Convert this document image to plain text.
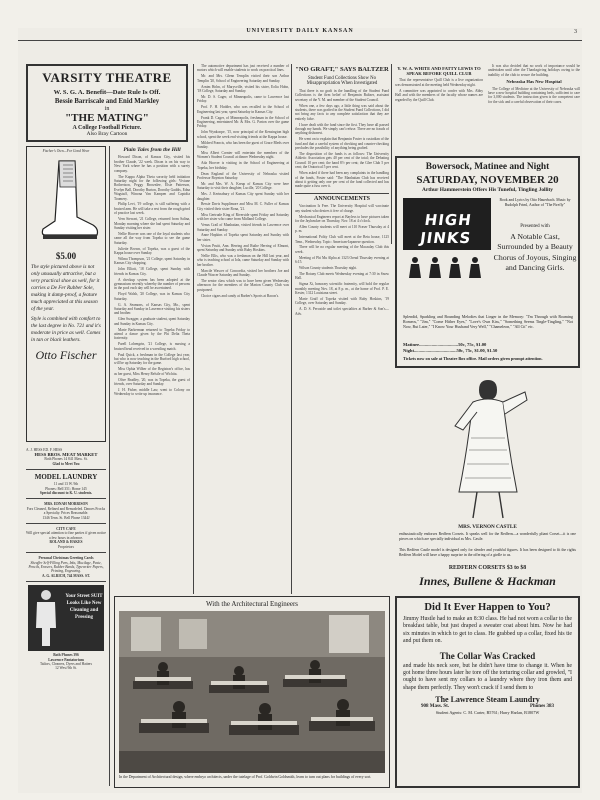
UNIVERSITY DAILY KANSAN	3
VARSITY THEATRE
W. S. G. A. Benefit—Date Rule Is Off.
Bessie Barriscale and Enid Markley
in
"THE MATING"
A College Football Picture.
Also Bray Cartoon
Fischer's Own—For Good Wear
$5.00
The style pictured above is not only unusually attractive, but a very practical shoe as well, for it carries a De Fer Rubber Sole, making it damp-proof, a feature much appreciated at this season of the year.
Style is combined with comfort to the last degree in No. 721 and it's moderate in price as well. Comes in tan or black leathers.
Otto Fischer
A. J. HESS ED. F. HESS
HESS BROS. MEAT MARKET
Both Phones 14 841 Mass. St.
Glad to Meet You
MODEL LAUNDRY
11 and 13 W. 9th
Phones: Bell 351; Home 145
Special discount to K. U. students.
MRS. EDNAH MORRISON
Fors Cleaned, Relined and Remodeled. Dances Frocks a Specialty. Prices Reasonable.
1346 Tenn. St. Bell Phone 1344J
CITY CAFE
Will give special attention to fine parties if given notice a few hours in advance.
ROLAND & HAKES
Proprietors
Personal Christmas Greeting Cards
Sheaffer Self-Filling Pens, Inks, Mucilage, Paste, Pencils, Erasers, Rubber Bands, Typewriter Papers, Printing, Engraving.
A. G. ALRICH, 744 MASS. ST.
Your Street SUIT Looks Like New Cleaning and Pressing
Both Phones 396
Lawrence Pantatorium
Tailors, Cleaners, Dyers and Hatters
12 West 9th St.
Plain Tales from the Hill

Howard Dixon, of Kansas City, visited his brother Claude, '22 week. Dixon is on his way to New York where he has a position with a surety company.

The Kappa Alpha Theta sorority held initiation Saturday night for the following girls: Viviane Rothertson, Peggy Brownlee, Elsie Patterson, Evelyn Ball, Dorothy Burton, Dorothy Gaddis, Edna Wagstaff, Winona Van Kampen and Captolia Toomery.

Philip Levi, '19 college, is still suffering with a bruised arm. He will take a rest from the rough grind of practice last week.

Vern Stewart, '21 College, returned from Salina, Monday morning where she had spent Saturday and Sunday visiting her sister.

Nellie Hoover was one of the loyal students who came all the way from Topeka to see the game Saturday.

Julietie Brown, of Topeka, was a guest of the Kappa house over Sunday.

Wilma Thompson, '21 College, spent Saturday in Kansas City shopping.

John Elliott, '18 College, spent Sunday with friends in Kansas City.

A checkup system has been adopted at the gymnasium recently whereby the number of persons in the pool each day will be ascertained.

Floyd Walsh, '20 College, was in Kansas City Saturday.

G. A. Seamons, of Kansas City, Mo., spent Saturday and Sunday in Lawrence visiting his sisters and brother.

Glen Swagger, a graduate student, spent Saturday and Sunday in Kansas City.

Marie Barkerman returned to Topeka Friday to attend a dance given by the Phi Delta Theta fraternity.

Parell Lohengrin, '21 College, is nursing a bruised head received in a wrestling match.

Paul Quick, a freshman in the College last year, but who is now teaching in the Burford high school, will be up Saturday for the game.

Miss Ophia Wilber of the Registrar's office, has as her guest, Miss Henry Relstle of Wichita.

Olive Bradley, '20, was in Topeka, the guest of friends, over Saturday and Sunday.

J. H. Fisher, middle Law, went to Colony on Wednesday to write up insurance.

The automotive department has just received a number of motors which will enable students to work on practical lines.

Mr. and Mrs. Glenn Templin visited their son Arthur Templin '20, School of Engineering Saturday and Sunday.

Arnim Hohn, of Marysville, visited his sister, Eolia Hohn, '18 College, Saturday and Sunday.

Mr. D. S. Cager, of Minneapolis, came to Lawrence last Friday.

Prof. F. H. Hodder, who was recalled to the School of Engineering last year, spent Saturday in Kansas City.

Frank D. Cager, of Minneapolis, freshman in the School of Engineering, entertained Mr. & Mrs. G. Parton over the game Friday.

John Wynkoope, '15, now principal of the Kensington high school, spent the week end visiting friends at the Kappa house.

Mildred Francis, who has been the guest of Grace Bleds over Sunday.

Miss Albert Cornier will entertain the members of the Women's Student Council at dinner Wednesday night.

Ada Hoover is visiting in the School of Engineering at Topeka, her birthday.

Dean England of the University of Nebraska visited Professor Boynton Saturday.

Mr. and Mrs. W. A. Kreup of Kansas City were here Saturday to visit their daughter, Lucille, '20 College.

Mrs. J. Kerinabury of Kansas City spent Sunday with her daughter.

Bessie Davis Supplimore and Miss M. C. Fuller of Kansas City visited their sister Rona, '21.

Miss Gertrude King of Riverside spent Friday and Saturday with her sister who came from Midland College.

Venus Crail of Manhattan, visited friends in Lawrence over Saturday and Sunday.

Anne Hopkins of Topeka spent Saturday and Sunday with her sister.

Vivian Pruitt, Ann. Herring and Ruthe Herring of Elmont, spent Saturday and Sunday with Ruby Hoskins.

Nellie Ellis, who was a freshman on the Hill last year, and who is teaching school at Iola, came Saturday and Sunday with her brother.

Marcile Wascer of Concordia, visited her brothers Joe and Claude Wascer Saturday and Sunday.

The senior class which was to have been given Wednesday afternoon for the members of the Marion County Club was postponed.

Choice cigars and candy at Barber's Sports at Bacon's.

"NO GRAFT," SAYS BALTZER
Student Fund Collections Show No Misappropriation When Investigated

That there is no graft in the handling of the Student Fund Collections is the firm belief of Benjamin Baltzer, assistant secretary of the Y. M. and member of the Student Council.

When one, a few days ago, a little thing was said about the students, there was grafted in the Student Fund Collections, I did not bring any facts to any complete satisfaction that they are entirely false.

I have dealt with the fund since the first. They have all passed through my hands. We simply can't refuse. There are no frauds of anything dishonest.

He went on to explain that Benjamin Foster is custodian of the fund and that a careful system of checking and counter-checking precludes the possibility of anything being grafted.

The disposition of the funds is as follows: The University Athletic Association gets 40 per cent of the total; the Debating Council 10 per cent; the band 8½ per cent; the Glee Club 5 per cent; the Oratorical 5 per cent.

When asked if there had been any complaints in the handling of the funds, Foster said: "The Manhattan Club has received about it getting only one per cent of the fund collected and has made quite a fuss over it.

ANNOUNCEMENTS

Vaccination Is Free. The University Hospital will vaccinate any student who desires it free of charge.

Mechanical Engineers report at Bayless to have pictures taken for the Jayhawker on Thursday, Nov. 18 at 4 o'clock.

Allen County students will meet at 110 Fraser Thursday at 4 p. m.

International Polity Club will meet at the Beta house, 1125 Tenn., Wednesday. Topic: American-Japanese question.

There will be no regular meeting of the Macaulay Club this week.

Meeting of Phi Mu Alpha at 1323 Oread Thursday evening at 6:15.

Wilson County students Thursday night.

The Botany Club meets Wednesday evening at 7:30 in Snow Hall.

Sigma Xi, honorary scientific fraternity, will hold the regular monthly meeting Nov. 18, at 8 p. m., at the home of Prof. P. E. Kester, 1312 Louisiana street.

Marie Graff of Topeka visited with Ruby Hoskins, '19 College, over Saturday and Sunday.

A. D. S. Peroxide and toilet specialties at Barber & Son's—Adv.

Y. W. A. WHITE AND FATTY LEWIS TO SPEAK BEFORE QUILL CLUB

That the representative Quill Club is a live organization was demonstrated at the meeting held Wednesday night.

A committee was appointed to confer with Mrs. Abby Hall and with the members of the faculty whose names are regarded by the Quill Club.

It was also decided that no work of importance would be undertaken until after the Thanksgiving holidays owing to the inability of the club to secure the building.
Nebraska Has New Hospital
The College of Medicine at the University of Nebraska will have a new hospital building containing beds, sufficient to care for 3,000 students. The instruction given is the competent care for the sick and a careful observation of their cases.
Bowersock, Matinee and Night
SATURDAY, NOVEMBER 20
Arthur Hammerstein Offers His Tuneful, Tingling Jollity
HIGH JINKS
Book and Lyrics by Otto Hauerbach. Music by Rudolph Friml, Author of "The Firefly"
Presented with
A Notable Cast, Surrounded by a Beauty Chorus of Joyous, Singing and Dancing Girls.
Splendid, Sparkling and Bounding Melodies that Linger in the Memory: "I'm Through with Roaming Romeos," "Jim," "Come Hither Eyes," "Love's Own Kiss," "Something Seems Tingle-Tingling," "Not Now, But Later," "I Know Your Husband Very Well," "Chameleon," "All Cit" etc.
Matinee..................................50c, 75c, $1.00
Night.....................................50c, 75c, $1.00, $1.50
Tickets now on sale at Theatre Box office. Mail orders given prompt attention.
MRS. VERNON CASTLE
enthusiastically endorses Redfern Corsets. It speaks well for the Redfern—a wonderfully pliant Corset—it is one pieces on which are specially individual as Mrs. Castle.
This Redfern Castle model is designed only for slender and youthful figures. It has been designed to fit the rights Redfern Model will have a happy surprise in the offering of a girdle to us.
REDFERN CORSETS $3 to $8
Innes, Bullene & Hackman
With the Architectural Engineers
In the Department of Architectural design, where embryo architects, under the tutelage of Prof. Goldwin Goldsmith, learn to turn out plans for buildings of every sort.
Did It Ever Happen to You?
Jimmy Hustle had to make an 8:30 class. He had not worn a collar to the breakfast table, but just draped a sweater coat about him. Now he had six minutes in which to get to class. He grabbed up a collar, fixed his tie and put them on.
The Collar Was Cracked
and made his neck sore, but he didn't have time to change it. When he got home three hours later he tore off the torturing collar and growled, "I ought to have sent my collars to a laundry where they iron them and shape them perfectly. They won't crack if I send them to
The Lawrence Steam Laundry
908 Mass. St.	Phones 383
Student Agents: C. M. Carter, B5761; Harry Harlan, B1807W
